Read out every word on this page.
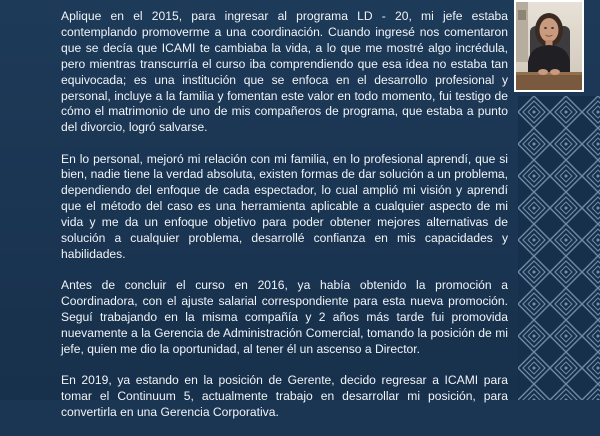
Aplique en el 2015, para ingresar al programa LD - 20, mi jefe estaba contemplando promoverme a una coordinación. Cuando ingresé nos comentaron que se decía que ICAMI te cambiaba la vida, a lo que me mostré algo incrédula, pero mientras transcurría el curso iba comprendiendo que esa idea no estaba tan equivocada; es una institución que se enfoca en el desarrollo profesional y personal, incluye a la familia y fomentan este valor en todo momento, fui testigo de cómo el matrimonio de uno de mis compañeros de programa, que estaba a punto del divorcio, logró salvarse.

En lo personal, mejoró mi relación con mi familia, en lo profesional aprendí, que si bien, nadie tiene la verdad absoluta, existen formas de dar solución a un problema, dependiendo del enfoque de cada espectador, lo cual amplió mi visión y aprendí que el método del caso es una herramienta aplicable a cualquier aspecto de mi vida y me da un enfoque objetivo para poder obtener mejores alternativas de solución a cualquier problema, desarrollé confianza en mis capacidades y habilidades.

Antes de concluir el curso en 2016, ya había obtenido la promoción a Coordinadora, con el ajuste salarial correspondiente para esta nueva promoción. Seguí trabajando en la misma compañía y 2 años más tarde fui promovida nuevamente a la Gerencia de Administración Comercial, tomando la posición de mi jefe, quien me dio la oportunidad, al tener él un ascenso a Director.

En 2019, ya estando en la posición de Gerente, decido regresar a ICAMI para tomar el Continuum 5, actualmente trabajo en desarrollar mi posición, para convertirla en una Gerencia Corporativa.
